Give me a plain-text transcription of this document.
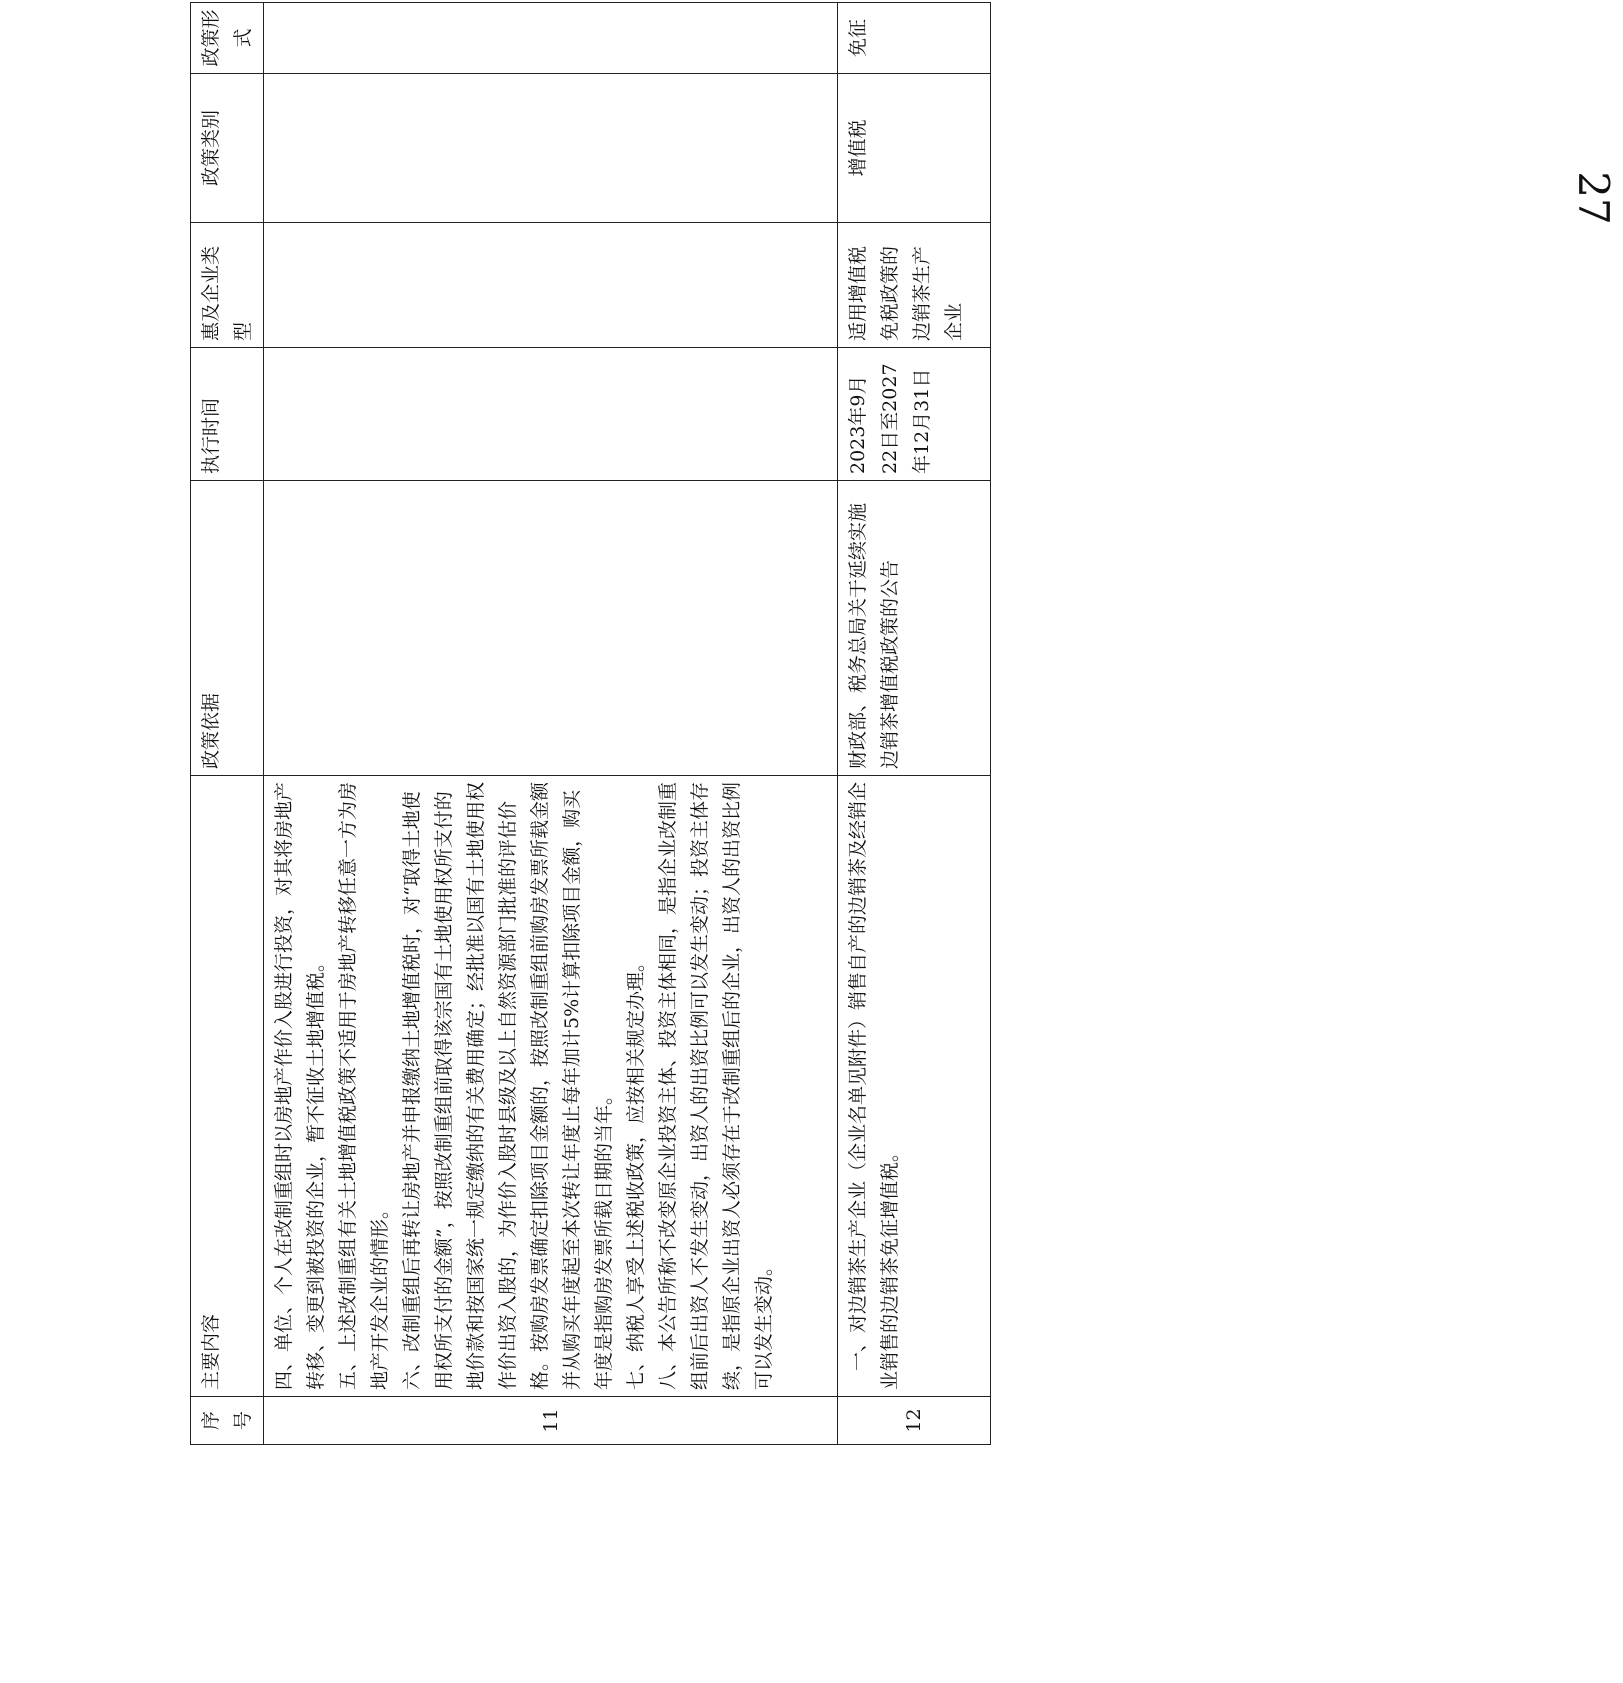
序号	主要内容	政策依据	执行时间	惠及企业类型	政策类别	政策形式
11	四、单位、个人在改制重组时以房地产作价入股进行投资，对其将房地产转移、变更到被投资的企业，暂不征收土地增值税。 五、上述改制重组有关土地增值税政策不适用于房地产转移任意一方为房地产开发企业的情形。 六、改制重组后再转让房地产并申报缴纳土地增值税时，对“取得土地使用权所支付的金额”，按照改制重组前取得该宗国有土地使用权所支付的地价款和按国家统一规定缴纳的有关费用确定；经批准以国有土地使用权作价出资入股的，为作价入股时县级及以上自然资源部门批准的评估价格。按购房发票确定扣除项目金额的，按照改制重组前购房发票所载金额并从购买年度起至本次转让年度止每年加计5%计算扣除项目金额，购买年度是指购房发票所载日期的当年。 七、纳税人享受上述税收政策，应按相关规定办理。 八、本公告所称不改变原企业投资主体、投资主体相同，是指企业改制重组前后出资人不发生变动，出资人的出资比例可以发生变动；投资主体存续，是指原企业出资人必须存在于改制重组后的企业，出资人的出资比例可以发生变动。					

12	一、对边销茶生产企业（企业名单见附件）销售自产的边销茶及经销企业销售的边销茶免征增值税。	财政部、税务总局关于延续实施边销茶增值税政策的公告	2023年9月22日至2027年12月31日	适用增值税免税政策的边销茶生产企业	增值税	免征
27
